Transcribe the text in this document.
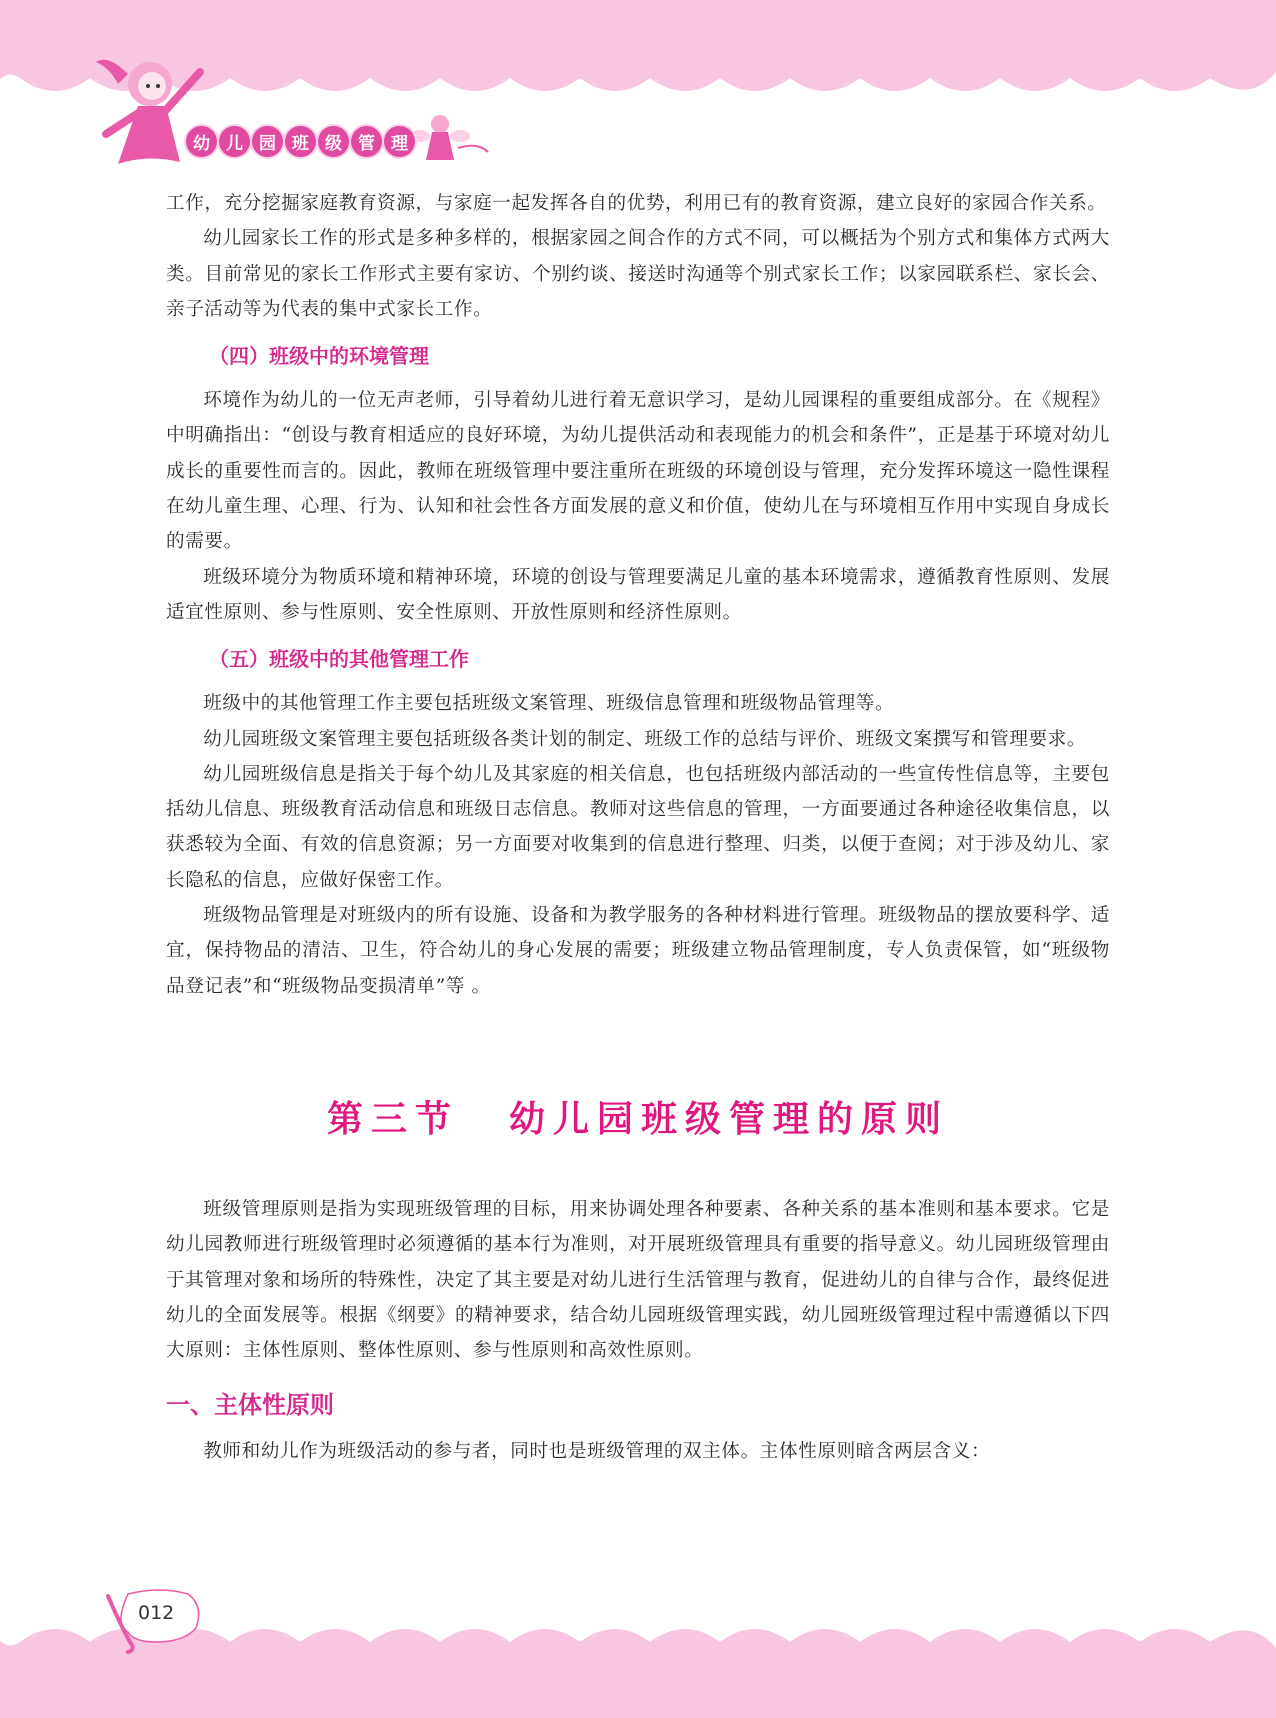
幼 儿 园 班 级 管 理

工作，充分挖掘家庭教育资源，与家庭一起发挥各自的优势，利用已有的教育资源，建立良好的家园合作关系。

幼儿园家长工作的形式是多种多样的，根据家园之间合作的方式不同，可以概括为个别方式和集体方式两大类。目前常见的家长工作形式主要有家访、个别约谈、接送时沟通等个别式家长工作；以家园联系栏、家长会、亲子活动等为代表的集中式家长工作。

（四）班级中的环境管理

环境作为幼儿的一位无声老师，引导着幼儿进行着无意识学习，是幼儿园课程的重要组成部分。在《规程》中明确指出：“创设与教育相适应的良好环境，为幼儿提供活动和表现能力的机会和条件”，正是基于环境对幼儿成长的重要性而言的。因此，教师在班级管理中要注重所在班级的环境创设与管理，充分发挥环境这一隐性课程在幼儿童生理、心理、行为、认知和社会性各方面发展的意义和价值，使幼儿在与环境相互作用中实现自身成长的需要。

班级环境分为物质环境和精神环境，环境的创设与管理要满足儿童的基本环境需求，遵循教育性原则、发展适宜性原则、参与性原则、安全性原则、开放性原则和经济性原则。

（五）班级中的其他管理工作

班级中的其他管理工作主要包括班级文案管理、班级信息管理和班级物品管理等。

幼儿园班级文案管理主要包括班级各类计划的制定、班级工作的总结与评价、班级文案撰写和管理要求。

幼儿园班级信息是指关于每个幼儿及其家庭的相关信息，也包括班级内部活动的一些宣传性信息等，主要包括幼儿信息、班级教育活动信息和班级日志信息。教师对这些信息的管理，一方面要通过各种途径收集信息，以获悉较为全面、有效的信息资源；另一方面要对收集到的信息进行整理、归类，以便于查阅；对于涉及幼儿、家长隐私的信息，应做好保密工作。

班级物品管理是对班级内的所有设施、设备和为教学服务的各种材料进行管理。班级物品的摆放要科学、适宜，保持物品的清洁、卫生，符合幼儿的身心发展的需要；班级建立物品管理制度，专人负责保管，如“班级物品登记表”和“班级物品变损清单”等 。

第三节 幼儿园班级管理的原则

班级管理原则是指为实现班级管理的目标，用来协调处理各种要素、各种关系的基本准则和基本要求。它是幼儿园教师进行班级管理时必须遵循的基本行为准则，对开展班级管理具有重要的指导意义。幼儿园班级管理由于其管理对象和场所的特殊性，决定了其主要是对幼儿进行生活管理与教育，促进幼儿的自律与合作，最终促进幼儿的全面发展等。根据《纲要》的精神要求，结合幼儿园班级管理实践，幼儿园班级管理过程中需遵循以下四大原则：主体性原则、整体性原则、参与性原则和高效性原则。

一、主体性原则

教师和幼儿作为班级活动的参与者，同时也是班级管理的双主体。主体性原则暗含两层含义：

012
